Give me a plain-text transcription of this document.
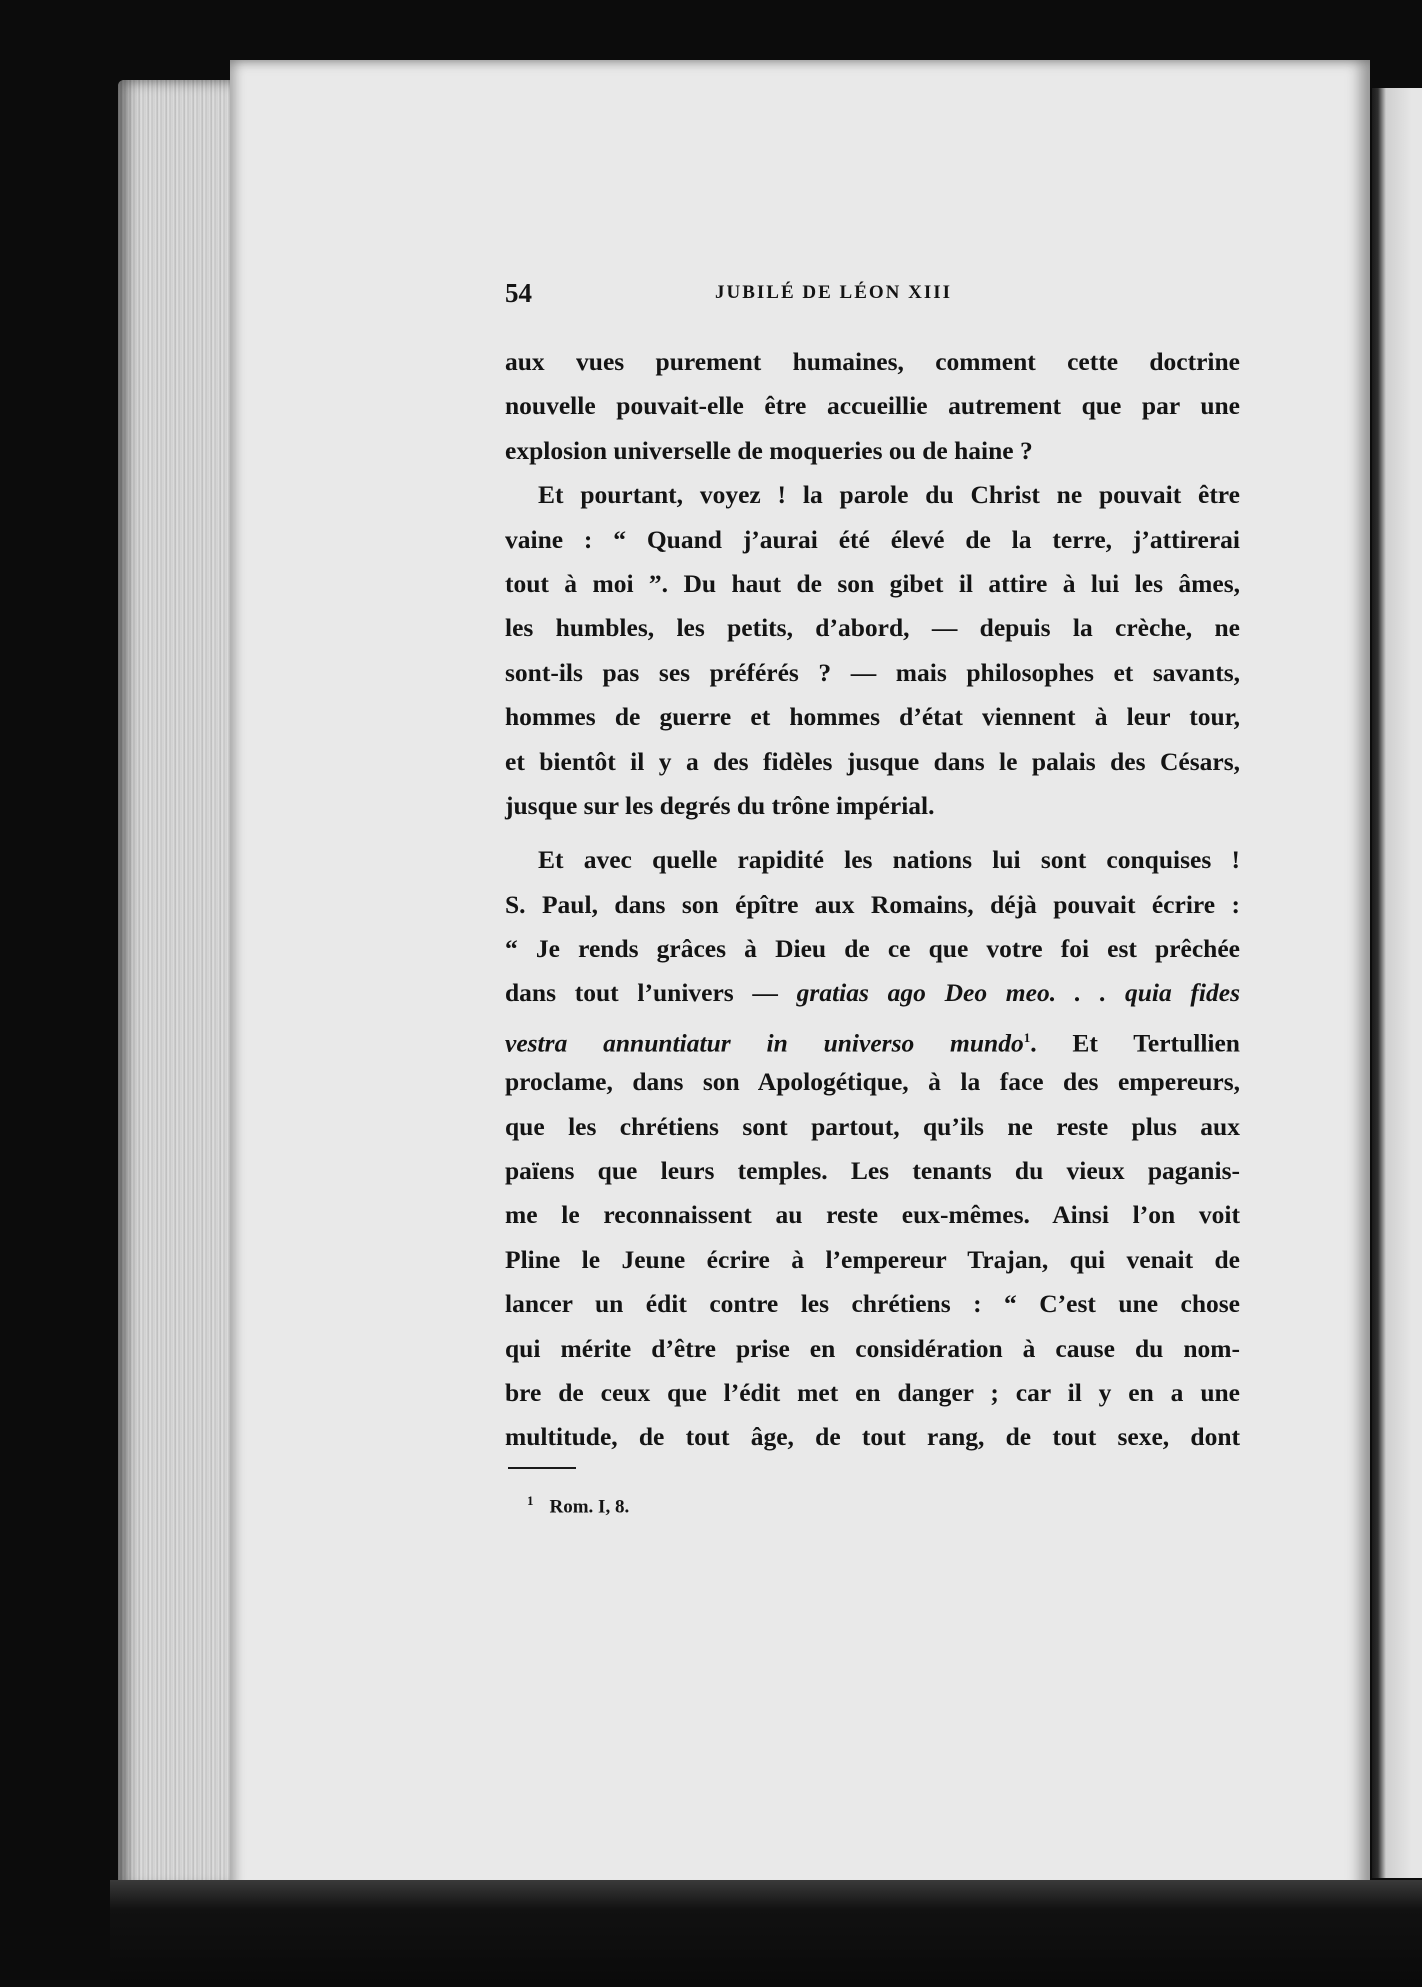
54	JUBILÉ DE LÉON XIII
aux vues purement humaines, comment cette doctrine
nouvelle pouvait-elle être accueillie autrement que par une
explosion universelle de moqueries ou de haine ?
Et pourtant, voyez ! la parole du Christ ne pouvait être
vaine : “ Quand j’aurai été élevé de la terre, j’attirerai
tout à moi ”. Du haut de son gibet il attire à lui les âmes,
les humbles, les petits, d’abord, — depuis la crèche, ne
sont-ils pas ses préférés ? — mais philosophes et savants,
hommes de guerre et hommes d’état viennent à leur tour,
et bientôt il y a des fidèles jusque dans le palais des Césars,
jusque sur les degrés du trône impérial.
Et avec quelle rapidité les nations lui sont conquises !
S. Paul, dans son épître aux Romains, déjà pouvait écrire :
“ Je rends grâces à Dieu de ce que votre foi est prêchée
dans tout l’univers — gratias ago Deo meo. . . quia fides
vestra annuntiatur in universo mundo$^1$. Et Tertullien
proclame, dans son Apologétique, à la face des empereurs,
que les chrétiens sont partout, qu’ils ne reste plus aux
païens que leurs temples. Les tenants du vieux paganis-
me le reconnaissent au reste eux-mêmes. Ainsi l’on voit
Pline le Jeune écrire à l’empereur Trajan, qui venait de
lancer un édit contre les chrétiens : “ C’est une chose
qui mérite d’être prise en considération à cause du nom-
bre de ceux que l’édit met en danger ; car il y en a une
multitude, de tout âge, de tout rang, de tout sexe, dont
$^1$ Rom. I, 8.
